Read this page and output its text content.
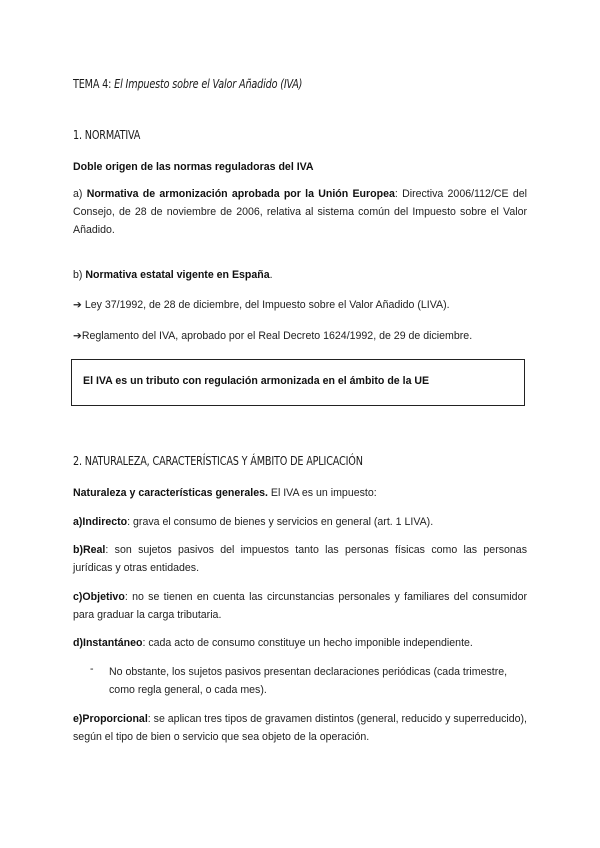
TEMA 4: El Impuesto sobre el Valor Añadido (IVA)
1. NORMATIVA

Doble origen de las normas reguladoras del IVA

a) Normativa de armonización aprobada por la Unión Europea: Directiva 2006/112/CE del Consejo, de 28 de noviembre de 2006, relativa al sistema común del Impuesto sobre el Valor Añadido.

b) Normativa estatal vigente en España.

➔ Ley 37/1992, de 28 de diciembre, del Impuesto sobre el Valor Añadido (LIVA).

➔Reglamento del IVA, aprobado por el Real Decreto 1624/1992, de 29 de diciembre.

El IVA es un tributo con regulación armonizada en el ámbito de la UE
2. NATURALEZA, CARACTERÍSTICAS Y ÁMBITO DE APLICACIÓN

Naturaleza y características generales. El IVA es un impuesto:

a)Indirecto: grava el consumo de bienes y servicios en general (art. 1 LIVA).

b)Real: son sujetos pasivos del impuestos tanto las personas físicas como las personas jurídicas y otras entidades.

c)Objetivo: no se tienen en cuenta las circunstancias personales y familiares del consumidor para graduar la carga tributaria.

d)Instantáneo: cada acto de consumo constituye un hecho imponible independiente.

- No obstante, los sujetos pasivos presentan declaraciones periódicas (cada trimestre, como regla general, o cada mes).

e)Proporcional: se aplican tres tipos de gravamen distintos (general, reducido y superreducido), según el tipo de bien o servicio que sea objeto de la operación.
